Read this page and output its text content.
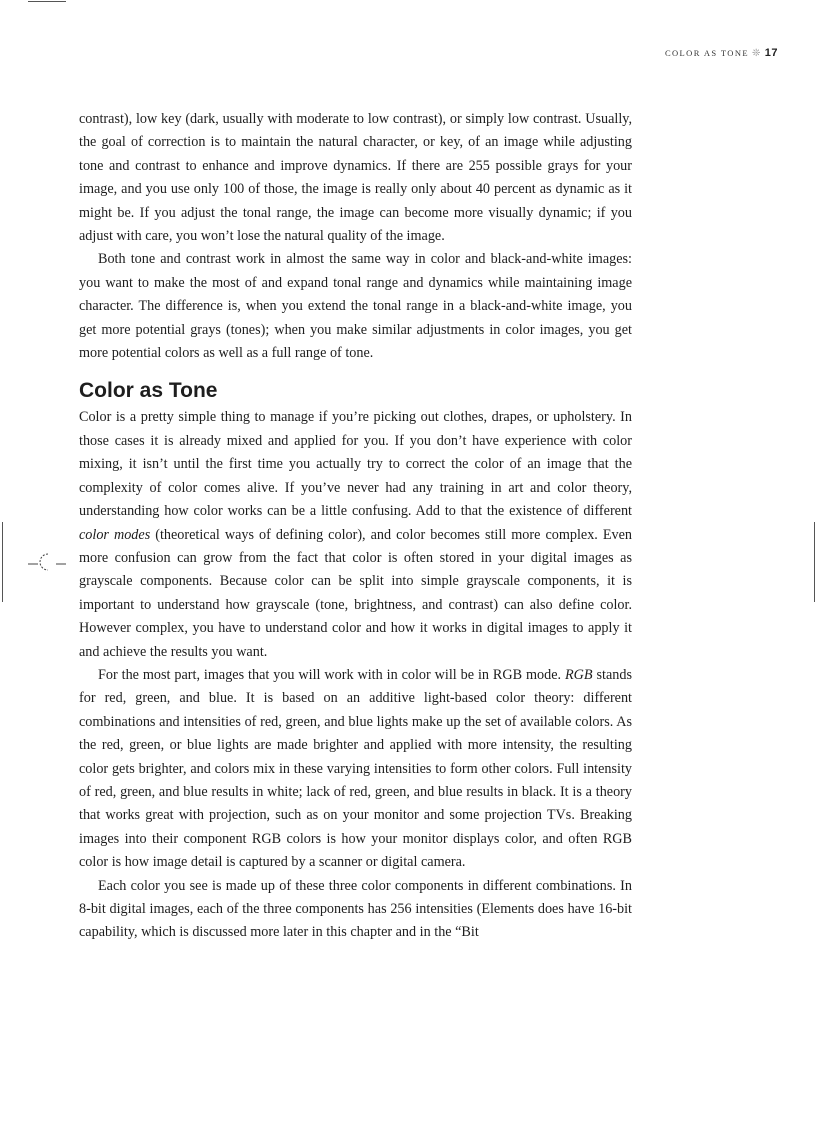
COLOR AS TONE ❊ 17

contrast), low key (dark, usually with moderate to low contrast), or simply low contrast. Usually, the goal of correction is to maintain the natural character, or key, of an image while adjusting tone and contrast to enhance and improve dynamics. If there are 255 possible grays for your image, and you use only 100 of those, the image is really only about 40 percent as dynamic as it might be. If you adjust the tonal range, the image can become more visually dynamic; if you adjust with care, you won’t lose the natural quality of the image.

Both tone and contrast work in almost the same way in color and black-and-white images: you want to make the most of and expand tonal range and dynamics while maintaining image character. The difference is, when you extend the tonal range in a black-and-white image, you get more potential grays (tones); when you make similar adjustments in color images, you get more potential colors as well as a full range of tone.

Color as Tone

Color is a pretty simple thing to manage if you’re picking out clothes, drapes, or upholstery. In those cases it is already mixed and applied for you. If you don’t have experience with color mixing, it isn’t until the first time you actually try to correct the color of an image that the complexity of color comes alive. If you’ve never had any training in art and color theory, understanding how color works can be a little confusing. Add to that the existence of different color modes (theoretical ways of defining color), and color becomes still more complex. Even more confusion can grow from the fact that color is often stored in your digital images as grayscale components. Because color can be split into simple grayscale components, it is important to understand how grayscale (tone, brightness, and contrast) can also define color. However complex, you have to understand color and how it works in digital images to apply it and achieve the results you want.

For the most part, images that you will work with in color will be in RGB mode. RGB stands for red, green, and blue. It is based on an additive light-based color theory: different combinations and intensities of red, green, and blue lights make up the set of available colors. As the red, green, or blue lights are made brighter and applied with more intensity, the resulting color gets brighter, and colors mix in these varying intensities to form other colors. Full intensity of red, green, and blue results in white; lack of red, green, and blue results in black. It is a theory that works great with projection, such as on your monitor and some projection TVs. Breaking images into their component RGB colors is how your monitor displays color, and often RGB color is how image detail is captured by a scanner or digital camera.

Each color you see is made up of these three color components in different combinations. In 8-bit digital images, each of the three components has 256 intensities (Elements does have 16-bit capability, which is discussed more later in this chapter and in the “Bit
